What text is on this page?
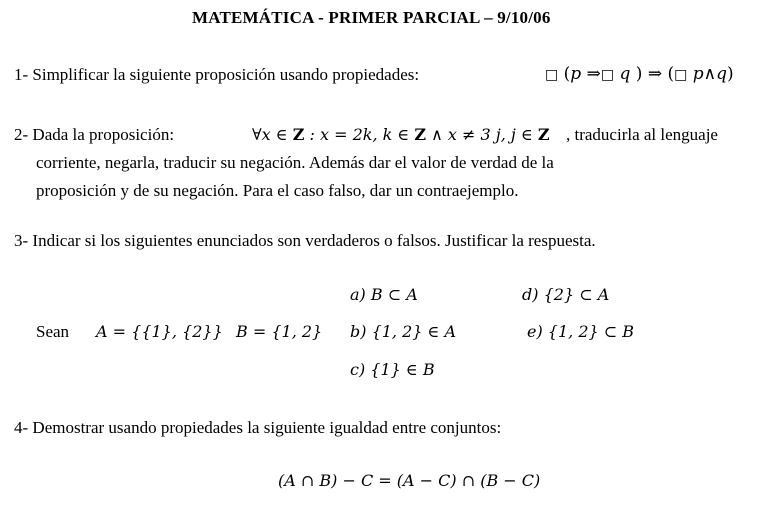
MATEMÁTICA - PRIMER PARCIAL – 9/10/06
1- Simplificar la siguiente proposición usando propiedades:	□ (p ⇒□ q ) ⇒ (□ p∧q)
2- Dada la proposición:	∀x ∈ Z : x = 2k, k ∈ Z ∧ x ≠ 3 j, j ∈ Z , traducirla al lenguaje
corriente, negarla, traducir su negación. Además dar el valor de verdad de la
proposición y de su negación. Para el caso falso, dar un contraejemplo.
3- Indicar si los siguientes enunciados son verdaderos o falsos. Justificar la respuesta.
Sean A = {{1}, {2}} B = {1, 2}
a) B ⊂ A
b) {1, 2} ∈ A
c) {1} ∈ B
d) {2} ⊂ A
e) {1, 2} ⊂ B
4- Demostrar usando propiedades la siguiente igualdad entre conjuntos:
(A ∩ B) − C = (A − C) ∩ (B − C)
